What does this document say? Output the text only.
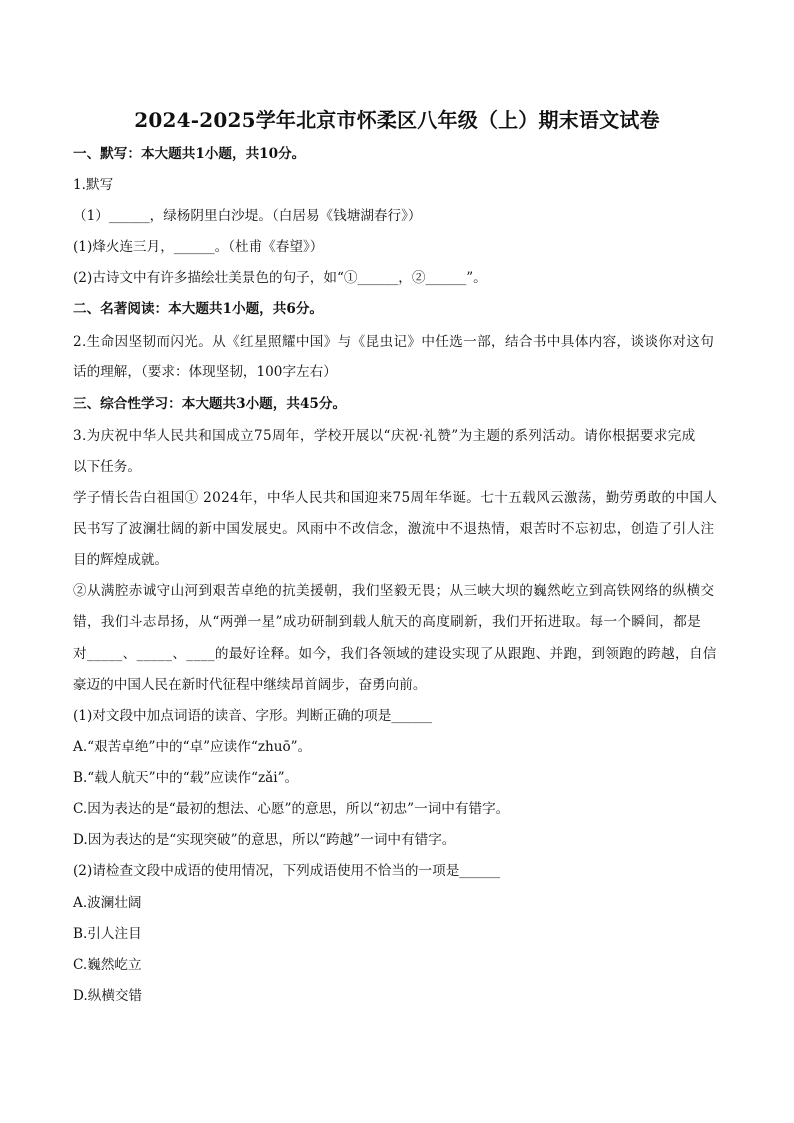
2024-2025学年北京市怀柔区八年级（上）期末语文试卷
一、默写：本大题共1小题，共10分。
1.默写
（1）______，绿杨阴里白沙堤。（白居易《钱塘湖春行》）
(1)烽火连三月，______。（杜甫《春望》）
(2)古诗文中有许多描绘壮美景色的句子，如“①______，②______”。
二、名著阅读：本大题共1小题，共6分。
2.生命因坚韧而闪光。从《红星照耀中国》与《昆虫记》中任选一部，结合书中具体内容，谈谈你对这句
话的理解，（要求：体现坚韧，100字左右）
三、综合性学习：本大题共3小题，共45分。
3.为庆祝中华人民共和国成立75周年，学校开展以“庆祝·礼赞”为主题的系列活动。请你根据要求完成
以下任务。
学子情长告白祖国① 2024年，中华人民共和国迎来75周年华诞。七十五载风云激荡，勤劳勇敢的中国人
民书写了波澜壮阔的新中国发展史。风雨中不改信念，激流中不退热情，艰苦时不忘初忠，创造了引人注
目的辉煌成就。
②从满腔赤诚守山河到艰苦卓绝的抗美援朝，我们坚毅无畏；从三峡大坝的巍然屹立到高铁网络的纵横交
错，我们斗志昂扬，从“两弹一星”成功研制到载人航天的高度刷新，我们开拓进取。每一个瞬间，都是
对_____、_____、____的最好诠释。如今，我们各领域的建设实现了从跟跑、并跑，到领跑的跨越，自信
豪迈的中国人民在新时代征程中继续昂首阔步，奋勇向前。
(1)对文段中加点词语的读音、字形。判断正确的项是______
A.“艰苦卓绝”中的“卓”应读作“zhuō”。
B.“载人航天”中的“载”应读作“zǎi”。
C.因为表达的是“最初的想法、心愿”的意思，所以“初忠”一词中有错字。
D.因为表达的是“实现突破”的意思，所以“跨越”一词中有错字。
(2)请检查文段中成语的使用情况，下列成语使用不恰当的一项是______
A.波澜壮阔
B.引人注目
C.巍然屹立
D.纵横交错
